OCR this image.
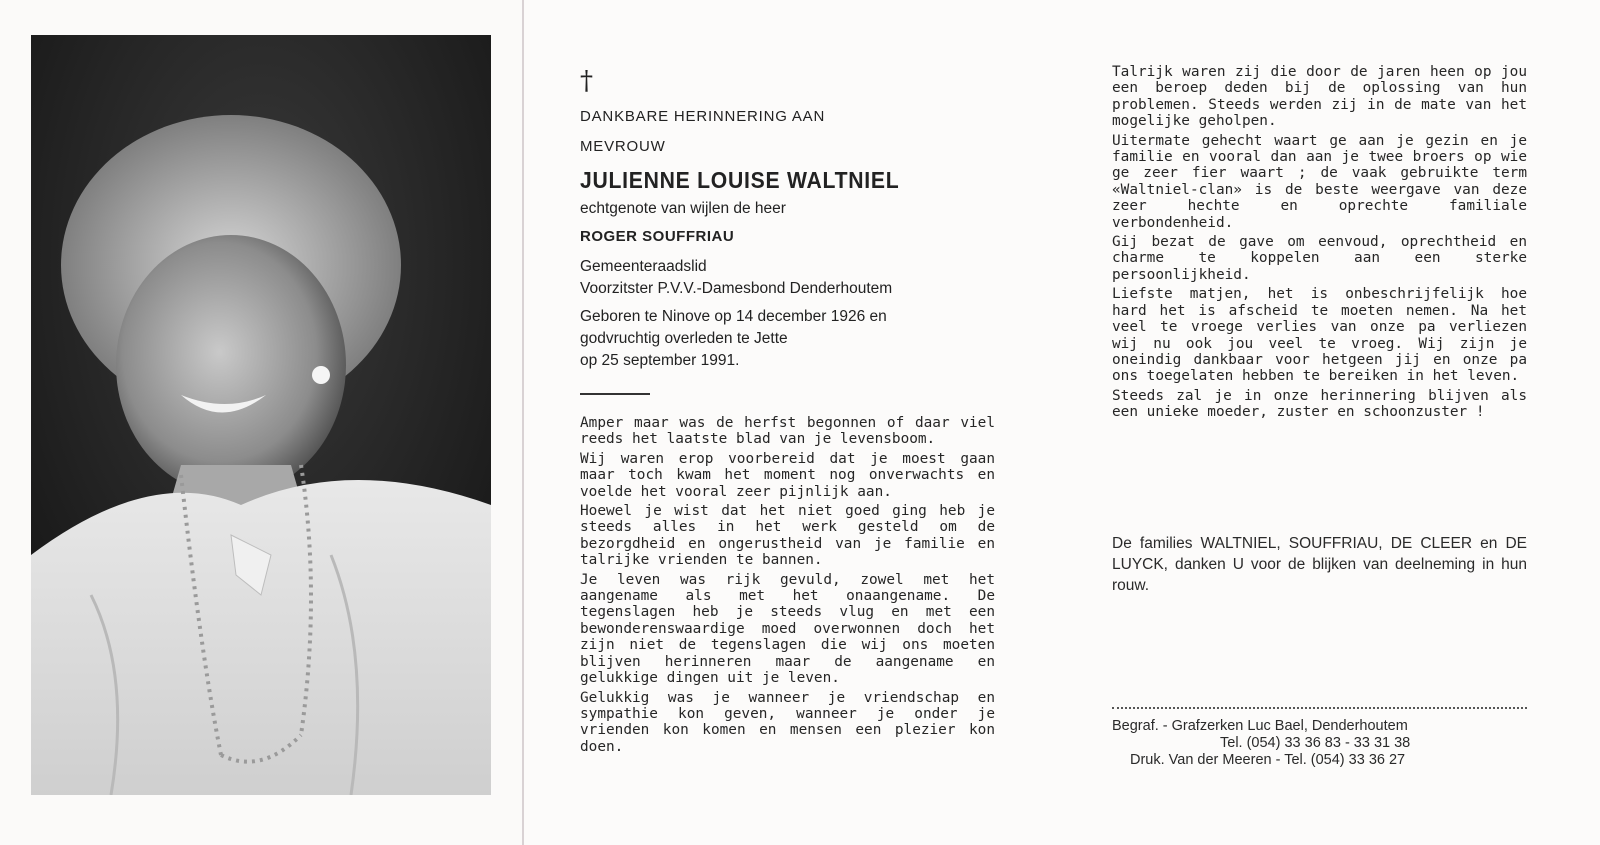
†
DANKBARE HERINNERING AAN
MEVROUW
JULIENNE LOUISE WALTNIEL
echtgenote van wijlen de heer
ROGER SOUFFRIAU
Gemeenteraadslid
Voorzitster P.V.V.-Damesbond Denderhoutem
Geboren te Ninove op 14 december 1926 en
godvruchtig overleden te Jette
op 25 september 1991.

Amper maar was de herfst begonnen of daar viel reeds het laatste blad van je levensboom.

Wij waren erop voorbereid dat je moest gaan maar toch kwam het moment nog onverwachts en voelde het vooral zeer pijnlijk aan.

Hoewel je wist dat het niet goed ging heb je steeds alles in het werk gesteld om de bezorgdheid en ongerustheid van je familie en talrijke vrienden te bannen.

Je leven was rijk gevuld, zowel met het aangename als met het onaangename. De tegenslagen heb je steeds vlug en met een bewonderenswaardige moed overwonnen doch het zijn niet de tegenslagen die wij ons moeten blijven herinneren maar de aangename en gelukkige dingen uit je leven.

Gelukkig was je wanneer je vriendschap en sympathie kon geven, wanneer je onder je vrienden kon komen en mensen een plezier kon doen.

Talrijk waren zij die door de jaren heen op jou een beroep deden bij de oplossing van hun problemen. Steeds werden zij in de mate van het mogelijke geholpen.

Uitermate gehecht waart ge aan je gezin en je familie en vooral dan aan je twee broers op wie ge zeer fier waart ; de vaak gebruikte term «Waltniel-clan» is de beste weergave van deze zeer hechte en oprechte familiale verbondenheid.

Gij bezat de gave om eenvoud, oprechtheid en charme te koppelen aan een sterke persoonlijkheid.

Liefste matjen, het is onbeschrijfelijk hoe hard het is afscheid te moeten nemen. Na het veel te vroege verlies van onze pa verliezen wij nu ook jou veel te vroeg. Wij zijn je oneindig dankbaar voor hetgeen jij en onze pa ons toegelaten hebben te bereiken in het leven.

Steeds zal je in onze herinnering blijven als een unieke moeder, zuster en schoonzuster !

De families WALTNIEL, SOUFFRIAU, DE CLEER en DE LUYCK, danken U voor de blijken van deelneming in hun rouw.
Begraf. - Grafzerken Luc Bael, Denderhoutem
Tel. (054) 33 36 83 - 33 31 38
Druk. Van der Meeren - Tel. (054) 33 36 27
